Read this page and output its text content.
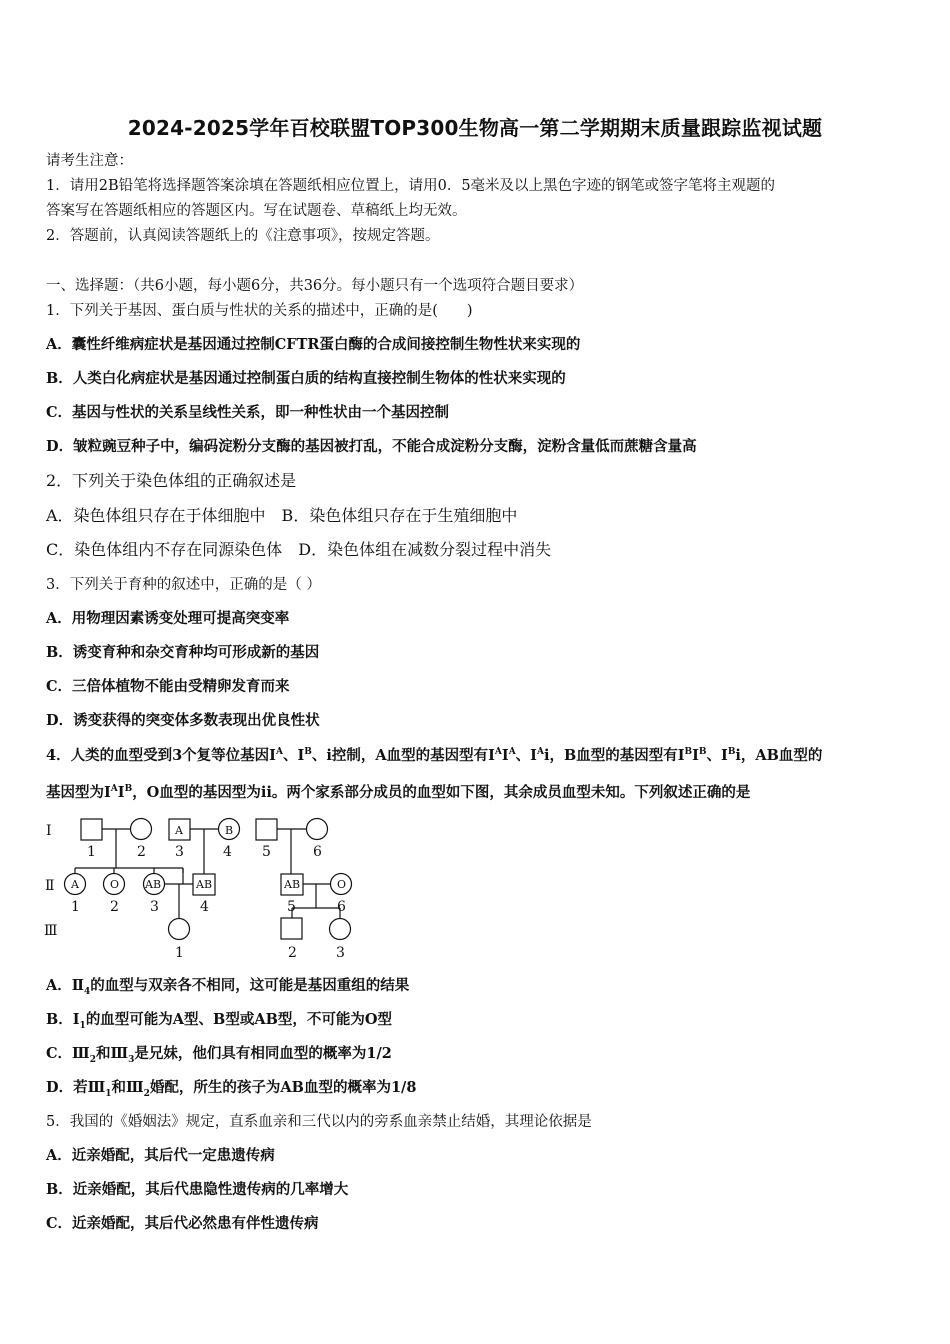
2024-2025学年百校联盟TOP300生物高一第二学期期末质量跟踪监视试题
请考生注意：
1．请用2B铅笔将选择题答案涂填在答题纸相应位置上，请用0．5毫米及以上黑色字迹的钢笔或签字笔将主观题的
答案写在答题纸相应的答题区内。写在试题卷、草稿纸上均无效。
2．答题前，认真阅读答题纸上的《注意事项》，按规定答题。
一、选择题：（共6小题，每小题6分，共36分。每小题只有一个选项符合题目要求）
1．下列关于基因、蛋白质与性状的关系的描述中，正确的是(　　)
A．囊性纤维病症状是基因通过控制CFTR蛋白酶的合成间接控制生物性状来实现的
B．人类白化病症状是基因通过控制蛋白质的结构直接控制生物体的性状来实现的
C．基因与性状的关系呈线性关系，即一种性状由一个基因控制
D．皱粒豌豆种子中，编码淀粉分支酶的基因被打乱，不能合成淀粉分支酶，淀粉含量低而蔗糖含量高
2．下列关于染色体组的正确叙述是
A．染色体组只存在于体细胞中　B．染色体组只存在于生殖细胞中
C．染色体组内不存在同源染色体　D．染色体组在减数分裂过程中消失
3．下列关于育种的叙述中，正确的是（ ）
A．用物理因素诱变处理可提高突变率
B．诱变育种和杂交育种均可形成新的基因
C．三倍体植物不能由受精卵发育而来
D．诱变获得的突变体多数表现出优良性状
4．人类的血型受到3个复等位基因$I^A$、$I^B$、i控制，A血型的基因型有$I^AI^A$、$I^Ai$，B血型的基因型有$I^BI^B$、$I^Bi$，AB血型的
基因型为$I^AI^B$，O血型的基因型为ii。两个家系部分成员的血型如下图，其余成员血型未知。下列叙述正确的是
Ⅰ
Ⅱ
Ⅲ
A	B
A	O AB	AB	AB	O
1	2 3	4 5	6
1 2 3	4	5	6
1	2	3
A．$Ⅱ_4$的血型与双亲各不相同，这可能是基因重组的结果
B．$I_1$的血型可能为A型、B型或AB型，不可能为O型
C．$Ⅲ_2$和$Ⅲ_3$是兄妹，他们具有相同血型的概率为1/2
D．若$Ⅲ_1$和$Ⅲ_2$婚配，所生的孩子为AB血型的概率为1/8
5．我国的《婚姻法》规定，直系血亲和三代以内的旁系血亲禁止结婚，其理论依据是
A．近亲婚配，其后代一定患遗传病
B．近亲婚配，其后代患隐性遗传病的几率增大
C．近亲婚配，其后代必然患有伴性遗传病
